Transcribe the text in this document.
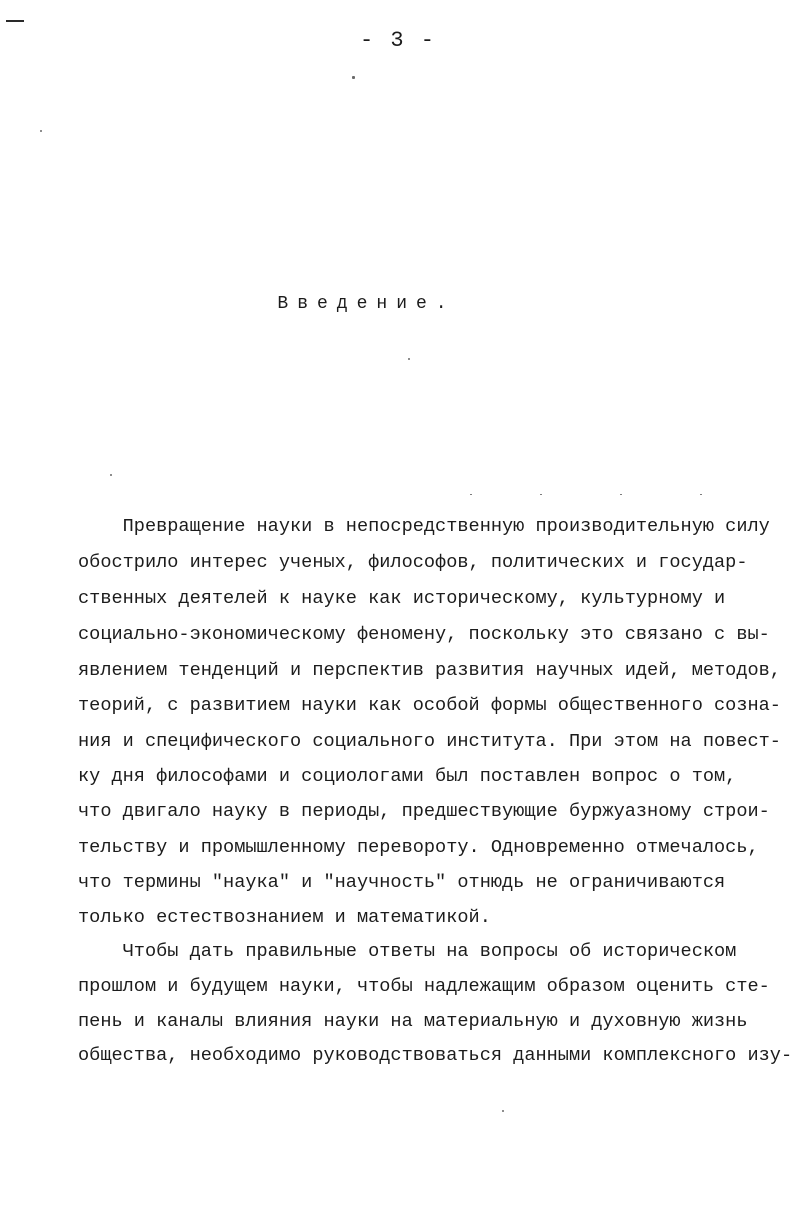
- 3 -
Введение.
Превращение науки в непосредственную производительную силу
обострило интерес ученых, философов, политических и государ-
ственных деятелей к науке как историческому, культурному и
социально-экономическому феномену, поскольку это связано с вы-
явлением тенденций и перспектив развития научных идей, методов,
теорий, с развитием науки как особой формы общественного созна-
ния и специфического социального института. При этом на повест-
ку дня философами и социологами был поставлен вопрос о том,
что двигало науку в периоды, предшествующие буржуазному строи-
тельству и промышленному перевороту. Одновременно отмечалось,
что термины "наука" и "научность" отнюдь не ограничиваются
только естествознанием и математикой.
Чтобы дать правильные ответы на вопросы об историческом
прошлом и будущем науки, чтобы надлежащим образом оценить сте-
пень и каналы влияния науки на материальную и духовную жизнь
общества, необходимо руководствоваться данными комплексного изу-
